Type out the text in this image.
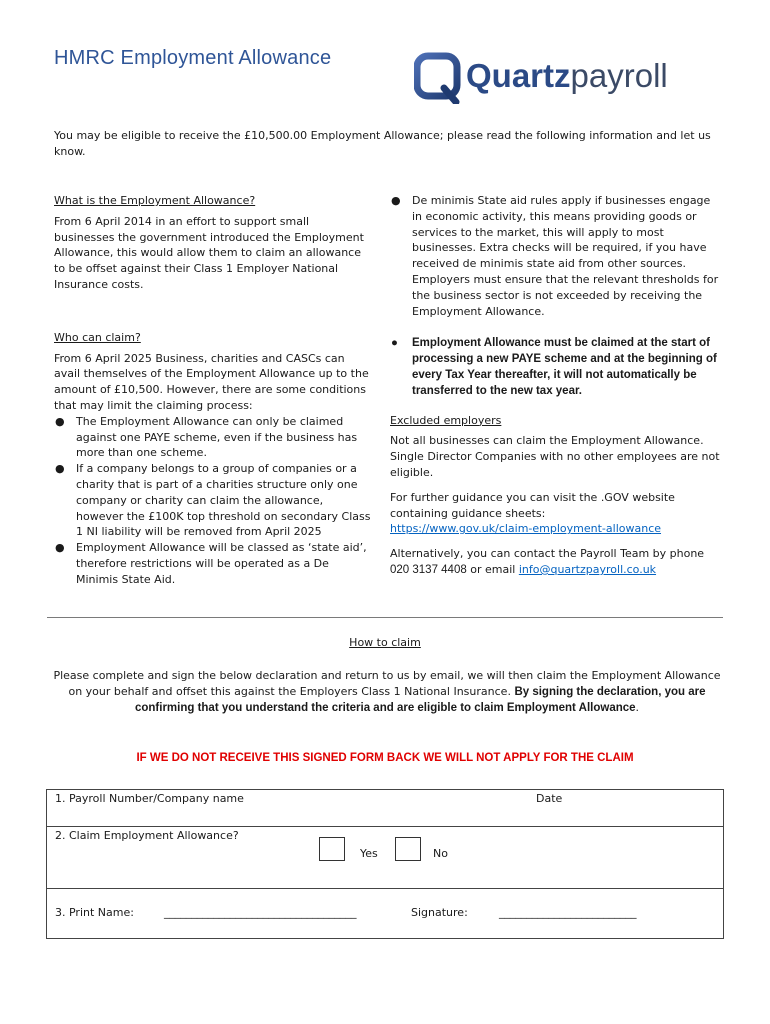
HMRC Employment Allowance	Quartzpayroll

You may be eligible to receive the £10,500.00 Employment Allowance; please read the following information and let us know.

What is the Employment Allowance?

From 6 April 2014 in an effort to support small businesses the government introduced the Employment Allowance, this would allow them to claim an allowance to be offset against their Class 1 Employer National Insurance costs.

Who can claim?

From 6 April 2025 Business, charities and CASCs can avail themselves of the Employment Allowance up to the amount of £10,500. However, there are some conditions that may limit the claiming process:

● The Employment Allowance can only be claimed against one PAYE scheme, even if the business has more than one scheme.
● If a company belongs to a group of companies or a charity that is part of a charities structure only one company or charity can claim the allowance, however the £100K top threshold on secondary Class 1 NI liability will be removed from April 2025
● Employment Allowance will be classed as ‘state aid’, therefore restrictions will be operated as a De Minimis State Aid.
● De minimis State aid rules apply if businesses engage in economic activity, this means providing goods or services to the market, this will apply to most businesses. Extra checks will be required, if you have received de minimis state aid from other sources. Employers must ensure that the relevant thresholds for the business sector is not exceeded by receiving the Employment Allowance.
● Employment Allowance must be claimed at the start of processing a new PAYE scheme and at the beginning of every Tax Year thereafter, it will not automatically be transferred to the new tax year.

Excluded employers

Not all businesses can claim the Employment Allowance. Single Director Companies with no other employees are not eligible.

For further guidance you can visit the .GOV website containing guidance sheets:

https://www.gov.uk/claim-employment-allowance

Alternatively, you can contact the Payroll Team by phone

020 3137 4408 or email info@quartzpayroll.co.uk

How to claim

Please complete and sign the below declaration and return to us by email, we will then claim the Employment Allowance on your behalf and offset this against the Employers Class 1 National Insurance. By signing the declaration, you are confirming that you understand the criteria and are eligible to claim Employment Allowance.

IF WE DO NOT RECEIVE THIS SIGNED FORM BACK WE WILL NOT APPLY FOR THE CLAIM
1. Payroll Number/Company name	Date

2. Claim Employment Allowance?
Yes	No

3. Print Name:	___________________________________	Signature:	_________________________
